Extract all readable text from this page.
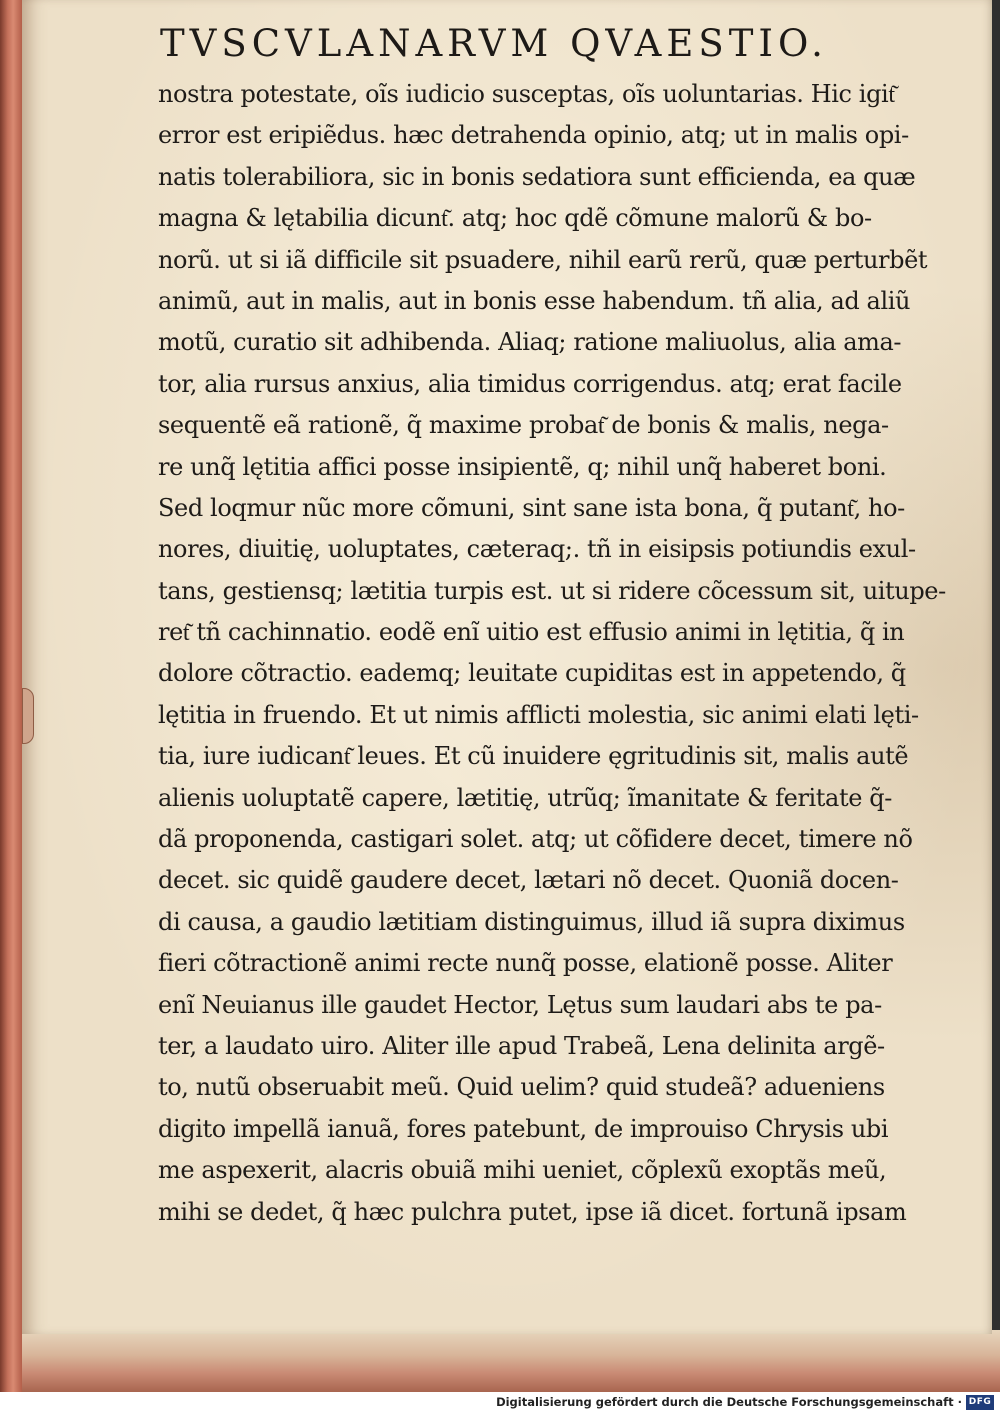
TVSCVLANARVM QVAESTIO.
nostra potestate, oĩs iudicio susceptas, oĩs uoluntarias. Hic igit͂
error est eripiẽdus. hæc detrahenda opinio, atq; ut in malis opi-
natis tolerabiliora, sic in bonis sedatiora sunt efficienda, ea quæ
magna & lętabilia dicunt͂. atq; hoc qdẽ cõmune malorũ & bo-
norũ. ut si iã difficile sit psuadere, nihil earũ rerũ, quæ perturbẽt
animũ, aut in malis, aut in bonis esse habendum. tñ alia, ad aliũ
motũ, curatio sit adhibenda. Aliaq; ratione maliuolus, alia ama-
tor, alia rursus anxius, alia timidus corrigendus. atq; erat facile
sequentẽ eã rationẽ, q̃ maxime probat͂ de bonis & malis, nega-
re unq̃ lętitia affici posse insipientẽ, q; nihil unq̃ haberet boni.
Sed loqmur nũc more cõmuni, sint sane ista bona, q̃ putant͂, ho-
nores, diuitię, uoluptates, cæteraq;. tñ in eisipsis potiundis exul-
tans, gestiensq; lætitia turpis est. ut si ridere cõcessum sit, uitupe-
ret͂ tñ cachinnatio. eodẽ enĩ uitio est effusio animi in lętitia, q̃ in
dolore cõtractio. eademq; leuitate cupiditas est in appetendo, q̃
lętitia in fruendo. Et ut nimis afflicti molestia, sic animi elati lęti-
tia, iure iudicant͂ leues. Et cũ inuidere ęgritudinis sit, malis autẽ
alienis uoluptatẽ capere, lætitię, utrũq; ĩmanitate & feritate q̃-
dã proponenda, castigari solet. atq; ut cõfidere decet, timere nõ
decet. sic quidẽ gaudere decet, lætari nõ decet. Quoniã docen-
di causa, a gaudio lætitiam distinguimus, illud iã supra diximus
fieri cõtractionẽ animi recte nunq̃ posse, elationẽ posse. Aliter
enĩ Neuianus ille gaudet Hector, Lętus sum laudari abs te pa-
ter, a laudato uiro. Aliter ille apud Trabeã, Lena delinita argẽ-
to, nutũ obseruabit meũ. Quid uelim? quid studeã? adueniens
digito impellã ianuã, fores patebunt, de improuiso Chrysis ubi
me aspexerit, alacris obuiã mihi ueniet, cõplexũ exoptãs meũ,
mihi se dedet, q̃ hæc pulchra putet, ipse iã dicet. fortunã ipsam
Digitalisierung gefördert durch die Deutsche Forschungsgemeinschaft · DFG
